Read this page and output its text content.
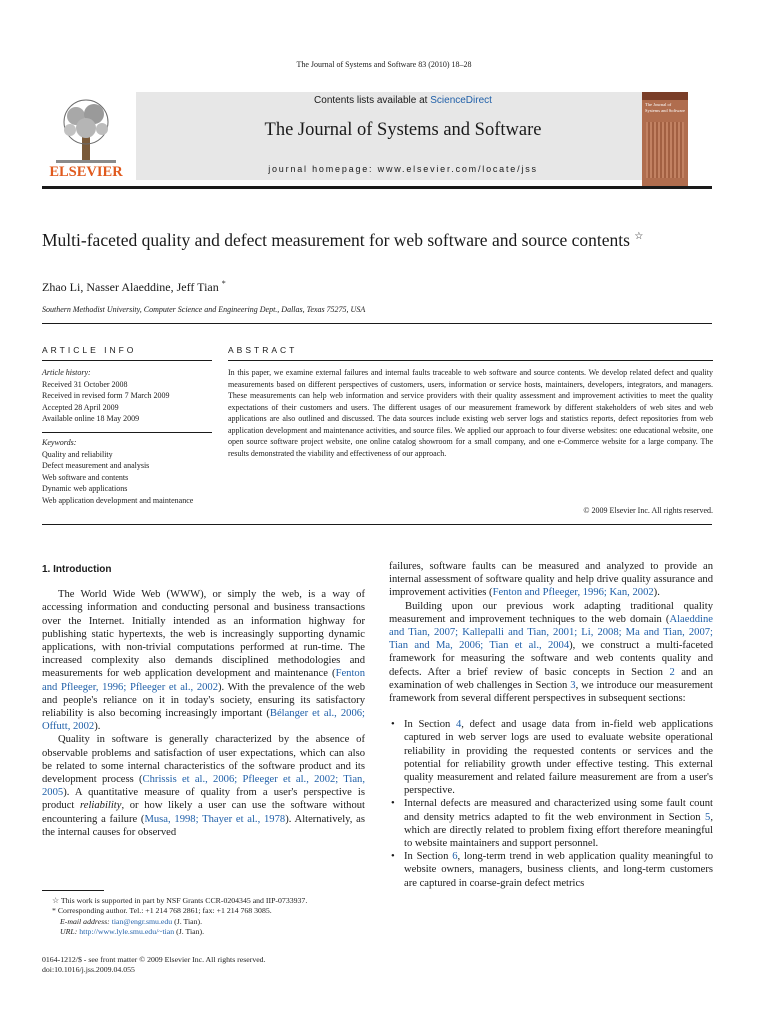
The Journal of Systems and Software 83 (2010) 18–28
ELSEVIER
Contents lists available at ScienceDirect
The Journal of Systems and Software
journal homepage: www.elsevier.com/locate/jss
The Journal of Systems and Software
Multi-faceted quality and defect measurement for web software and source contents ☆
Zhao Li, Nasser Alaeddine, Jeff Tian *
Southern Methodist University, Computer Science and Engineering Dept., Dallas, Texas 75275, USA
ARTICLE INFO
Article history:
Received 31 October 2008
Received in revised form 7 March 2009
Accepted 28 April 2009
Available online 18 May 2009
Keywords:
Quality and reliability
Defect measurement and analysis
Web software and contents
Dynamic web applications
Web application development and maintenance
ABSTRACT
In this paper, we examine external failures and internal faults traceable to web software and source contents. We develop related defect and quality measurements based on different perspectives of customers, users, information or service hosts, maintainers, developers, integrators, and managers. These measurements can help web information and service providers with their quality assessment and improvement activities to meet the quality expectations of their customers and users. The different usages of our measurement framework by different stakeholders of web sites and web applications are also outlined and discussed. The data sources include existing web server logs and statistics reports, defect repositories from web application development and maintenance activities, and source files. We applied our approach to four diverse websites: one educational website, one open source software project website, one online catalog showroom for a small company, and one e-Commerce website for a large company. The results demonstrated the viability and effectiveness of our approach.
© 2009 Elsevier Inc. All rights reserved.
1. Introduction

The World Wide Web (WWW), or simply the web, is a way of accessing information and conducting personal and business transactions over the Internet. Initially intended as an information highway for publishing static hypertexts, the web is increasingly supporting dynamic applications, with non-trivial computations performed at run-time. The increased complexity also demands disciplined methodologies and measurements for web application development and maintenance (Fenton and Pfleeger, 1996; Pfleeger et al., 2002). With the prevalence of the web and people's reliance on it in today's society, ensuring its satisfactory reliability is also becoming increasingly important (Bélanger et al., 2006; Offutt, 2002).

Quality in software is generally characterized by the absence of observable problems and satisfaction of user expectations, which can also be related to some internal characteristics of the software product and its development process (Chrissis et al., 2006; Pfleeger et al., 2002; Tian, 2005). A quantitative measure of quality from a user's perspective is product reliability, or how likely a user can use the software without encountering a failure (Musa, 1998; Thayer et al., 1978). Alternatively, as the internal causes for observed

☆ This work is supported in part by NSF Grants CCR-0204345 and IIP-0733937.
* Corresponding author. Tel.: +1 214 768 2861; fax: +1 214 768 3085.
E-mail address: tian@engr.smu.edu (J. Tian).
URL: http://www.lyle.smu.edu/~tian (J. Tian).
0164-1212/$ - see front matter © 2009 Elsevier Inc. All rights reserved.
doi:10.1016/j.jss.2009.04.055

failures, software faults can be measured and analyzed to provide an internal assessment of software quality and help drive quality assurance and improvement activities (Fenton and Pfleeger, 1996; Kan, 2002).

Building upon our previous work adapting traditional quality measurement and improvement techniques to the web domain (Alaeddine and Tian, 2007; Kallepalli and Tian, 2001; Li, 2008; Ma and Tian, 2007; Tian and Ma, 2006; Tian et al., 2004), we construct a multi-faceted framework for measuring the software and web contents quality and defects. After a brief review of basic concepts in Section 2 and an examination of web challenges in Section 3, we introduce our measurement framework from several different perspectives in subsequent sections:

• In Section 4, defect and usage data from in-field web applications captured in web server logs are used to evaluate website operational reliability in providing the requested contents or services and the potential for reliability growth under effective testing. This external quality measurement and related failure measurement are from a user's perspective.
• Internal defects are measured and characterized using some fault count and density metrics adapted to fit the web environment in Section 5, which are directly related to problem fixing effort therefore meaningful to website maintainers and support personnel.
• In Section 6, long-term trend in web application quality meaningful to website owners, managers, business clients, and long-term customers are captured in coarse-grain defect metrics
